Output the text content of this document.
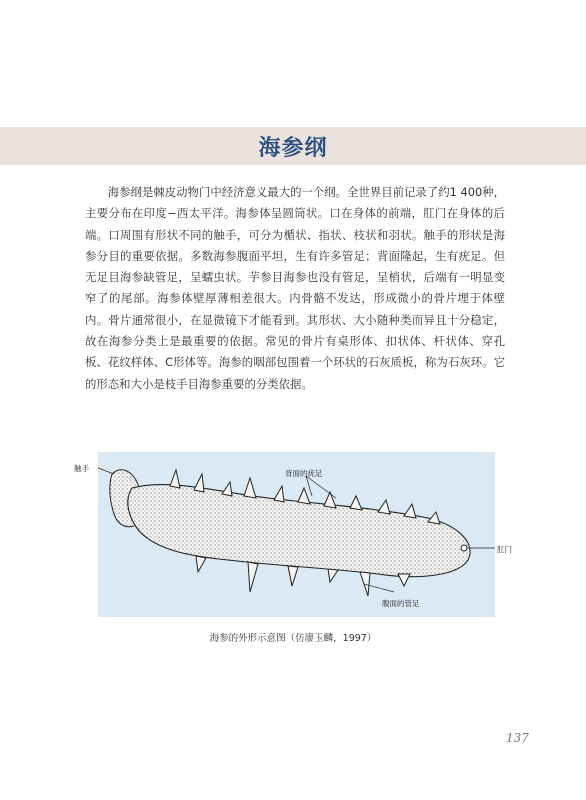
海参纲
海参纲是棘皮动物门中经济意义最大的一个纲。全世界目前记录了约1 400种，主要分布在印度−西太平洋。海参体呈圆筒状。口在身体的前端，肛门在身体的后端。口周围有形状不同的触手，可分为楯状、指状、枝状和羽状。触手的形状是海参分目的重要依据。多数海参腹面平坦，生有许多管足；背面隆起，生有疣足。但无足目海参缺管足，呈蠕虫状。芋参目海参也没有管足，呈梢状，后端有一明显变窄了的尾部。海参体壁厚薄相差很大。内骨骼不发达，形成微小的骨片埋于体壁内。骨片通常很小，在显微镜下才能看到。其形状、大小随种类而异且十分稳定，故在海参分类上是最重要的依据。常见的骨片有桌形体、扣状体、杆状体、穿孔板、花纹样体、C形体等。海参的咽部包围着一个环状的石灰质板，称为石灰环。它的形态和大小是枝手目海参重要的分类依据。
触手
背面的疣足
肛门
腹面的管足
海参的外形示意图（仿廖玉麟，1997）
137
